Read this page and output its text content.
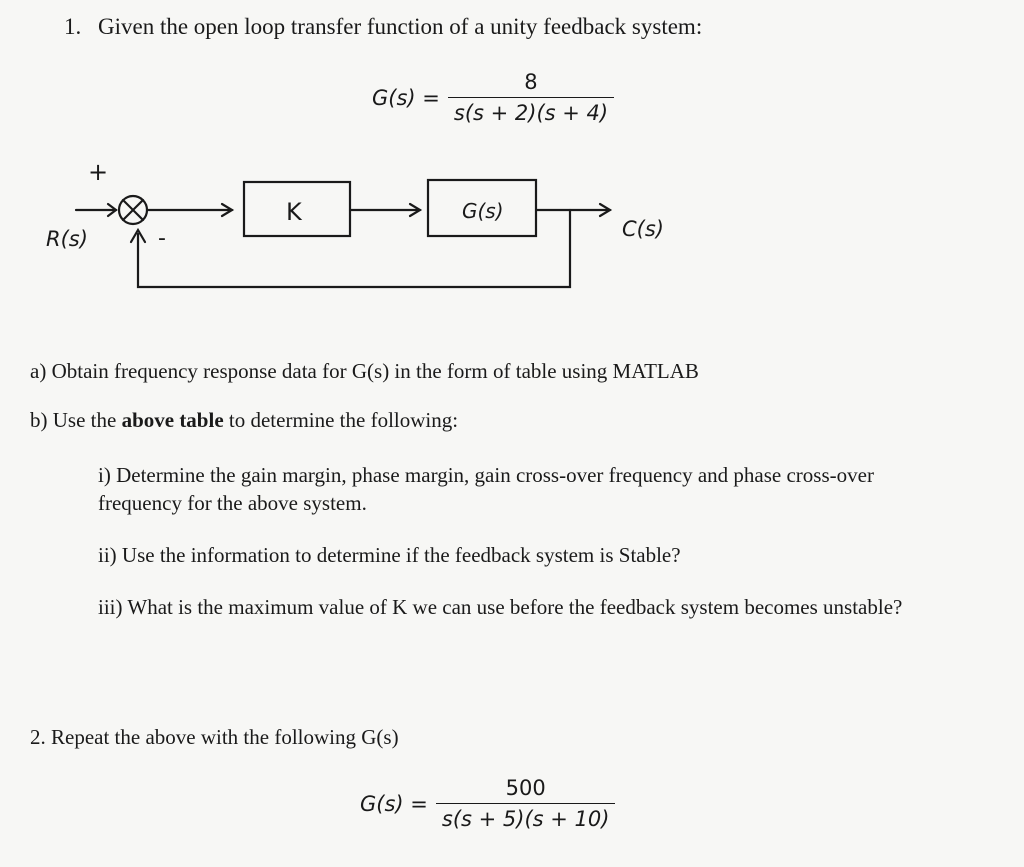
1. Given the open loop transfer function of a unity feedback system:
$G(s) = \frac{8}{s(s + 2)(s + 4)}$
+
-
R(s)
K	G(s)
C(s)
a) Obtain frequency response data for G(s) in the form of table using MATLAB
b) Use the above table to determine the following:
i) Determine the gain margin, phase margin, gain cross-over frequency and phase cross-over frequency for the above system.
ii) Use the information to determine if the feedback system is Stable?
iii) What is the maximum value of K we can use before the feedback system becomes unstable?
2. Repeat the above with the following G(s)
$G(s) = \frac{500}{s(s + 5)(s + 10)}$
